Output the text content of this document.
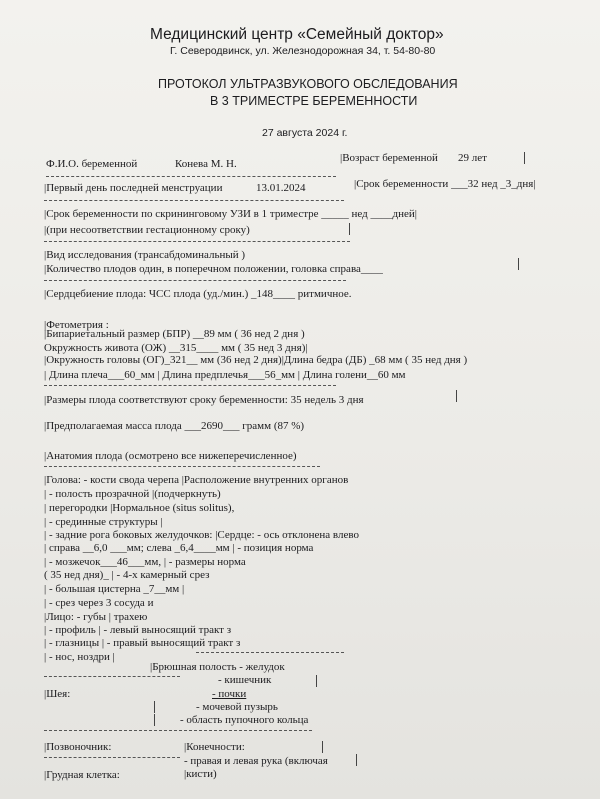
Медицинский центр «Семейный доктор»
Г. Северодвинск, ул. Железнодорожная 34, т. 54-80-80
ПРОТОКОЛ УЛЬТРАЗВУКОВОГО ОБСЛЕДОВАНИЯ
В 3 ТРИМЕСТРЕ БЕРЕМЕННОСТИ
27 августа 2024 г.
Ф.И.О. беременной	Конева М. Н.	|Возраст беременной 29 лет
|Первый день последней менструации	13.01.2024	|Срок беременности ___32 нед _3_дня|
|Срок беременности по скрининговому УЗИ в 1 триместре _____ нед ____дней|
|(при несоответствии гестационному сроку)
|Вид исследования (трансабдоминальный )
|Количество плодов один, в поперечном положении, головка справа____
|Сердцебиение плода: ЧСС плода (уд./мин.) _148____ ритмичное.
|Фетометрия :
|Бипариетальный размер (БПР) __89 мм ( 36 нед 2 дня )
Окружность живота (ОЖ) __315____ мм ( 35 нед 3 дня)|
|Окружность головы (ОГ)_321__ мм (36 нед 2 дня)|Длина бедра (ДБ) _68 мм ( 35 нед дня )
| Длина плеча___60_мм | Длина предплечья___56_мм | Длина голени__60 мм
|Размеры плода соответствуют сроку беременности: 35 недель 3 дня
|Предполагаемая масса плода ___2690___ грамм (87 %)
|Анатомия плода (осмотрено все нижеперечисленное)
|Голова: - кости свода черепа |Расположение внутренних органов
| - полость прозрачной |(подчеркнуть)
| перегородки |Нормальное (situs solitus),
| - срединные структуры |
| - задние рога боковых желудочков: |Сердце: - ось отклонена влево
| справа __6,0 ___мм; слева _6,4____мм | - позиция норма
| - мозжечок___46___мм, | - размеры норма
( 35 нед дня)_ | - 4-х камерный срез
| - большая цистерна _7__мм |
| - срез через 3 сосуда и
|Лицо: - губы | трахею
| - профиль | - левый выносящий тракт з
| - глазницы | - правый выносящий тракт з
| - нос, ноздри |
|Брюшная полость - желудок
- кишечник
|Шея:	- почки
- мочевой пузырь
- область пупочного кольца
|Позвоночник:	|Конечности:
- правая и левая рука (включая
|Грудная клетка:	|кисти)
